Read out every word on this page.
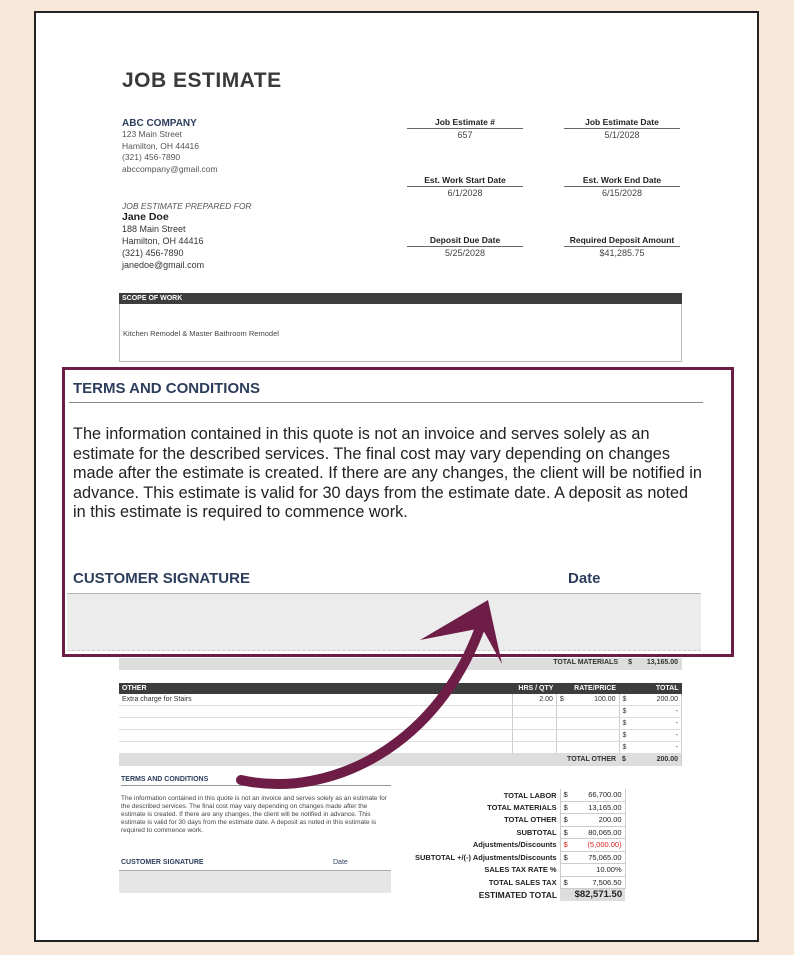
JOB ESTIMATE
ABC COMPANY
123 Main Street
Hamilton, OH 44416
(321) 456-7890
abccompany@gmail.com
JOB ESTIMATE PREPARED FOR
Jane Doe
188 Main Street
Hamilton, OH 44416
(321) 456-7890
janedoe@gmail.com
Job Estimate #
657
Job Estimate Date
5/1/2028
Est. Work Start Date
6/1/2028
Est. Work End Date
6/15/2028
Deposit Due Date
5/25/2028
Required Deposit Amount
$41,285.75
SCOPE OF WORK
Kitchen Remodel & Master Bathroom Remodel
TOTAL MATERIALS $ 13,165.00
OTHER	HRS / QTY	RATE/PRICE		TOTAL	
Extra charge for Stairs	2.00	$	100.00	$	200.00
				$	-
				$	-
				$	-
				$	-
TOTAL OTHER				$	200.00
TERMS AND CONDITIONS
The information contained in this quote is not an invoice and serves solely as an estimate for the described services. The final cost may vary depending on changes made after the estimate is created. If there are any changes, the client will be notified in advance. This estimate is valid for 30 days from the estimate date. A deposit as noted in this estimate is required to commence work.
CUSTOMER SIGNATURE	Date
TOTAL LABOR	$	66,700.00
TOTAL MATERIALS	$	13,165.00
TOTAL OTHER	$	200.00
SUBTOTAL	$	80,065.00
Adjustments/Discounts	$	(5,000.00)
SUBTOTAL +/(-) Adjustments/Discounts	$	75,065.00
SALES TAX RATE %		10.00%
TOTAL SALES TAX	$	7,506.50
ESTIMATED TOTAL	$82,571.50	
TERMS AND CONDITIONS
The information contained in this quote is not an invoice and serves solely as an estimate for the described services. The final cost may vary depending on changes made after the estimate is created. If there are any changes, the client will be notified in advance. This estimate is valid for 30 days from the estimate date. A deposit as noted in this estimate is required to commence work.
CUSTOMER SIGNATURE	Date
